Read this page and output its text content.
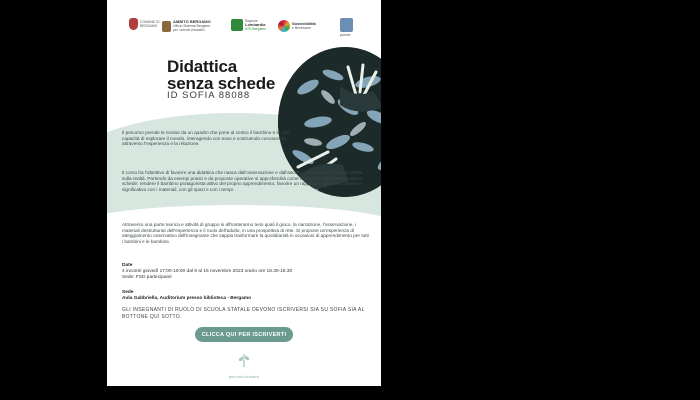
COMUNE DI
BERGAMO
AMBITO BERGAMO
Ufficio Sistema Bergamo
per i servizi educativi
Regione
Lombardia
ATS Bergamo
Sostenibilità
e Benessere
partner
Didattica
senza schede
ID SOFIA 88088
Il percorso prende le mosse da un quadro che pone al centro il bambino e la sua capacità di esplorare il mondo, interagendo con esso e costruendo conoscenze attraverso l'esperienza e la relazione.
Il corso ha l'obiettivo di favorire una didattica che nasca dall'osservazione e dall'ascolto, valorizzando l'azione diretta sulla realtà. Partendo da esempi pratici e da proposte operative si approfondirà come realizzare una didattica senza schede: rendere il bambino protagonista attivo del proprio apprendimento, favorire un rapporto esplorativo, aperto e significativo con i materiali, con gli spazi e con i tempi.
Attraverso una parte teorica e attività di gruppo si affronteranno temi quali il gioco, la narrazione, l'osservazione, i materiali destrutturati dell'esperienza e il ruolo dell'adulto, in una prospettiva di rete. Si propone un'esperienza di atteggiamento osservativo dell'insegnante che sappia trasformare la quotidianità in occasioni di apprendimento per tutti i bambini e le bambine.
Date
4 incontri giovedì 17:00-19:00 dal 9 al 16 novembre 2023 orario ore 16.30-18.30
Sede: FSD partecipanti
Sede
Aula Gabbriella, Auditorium presso biblioteca - Bergamo
GLI INSEGNANTI DI RUOLO DI SCUOLA STATALE DEVONO ISCRIVERSI SIA SU SOFIA SIA AL BOTTONE QUI SOTTO.
CLICCA QUI PER ISCRIVERTI
percorsi formativi
